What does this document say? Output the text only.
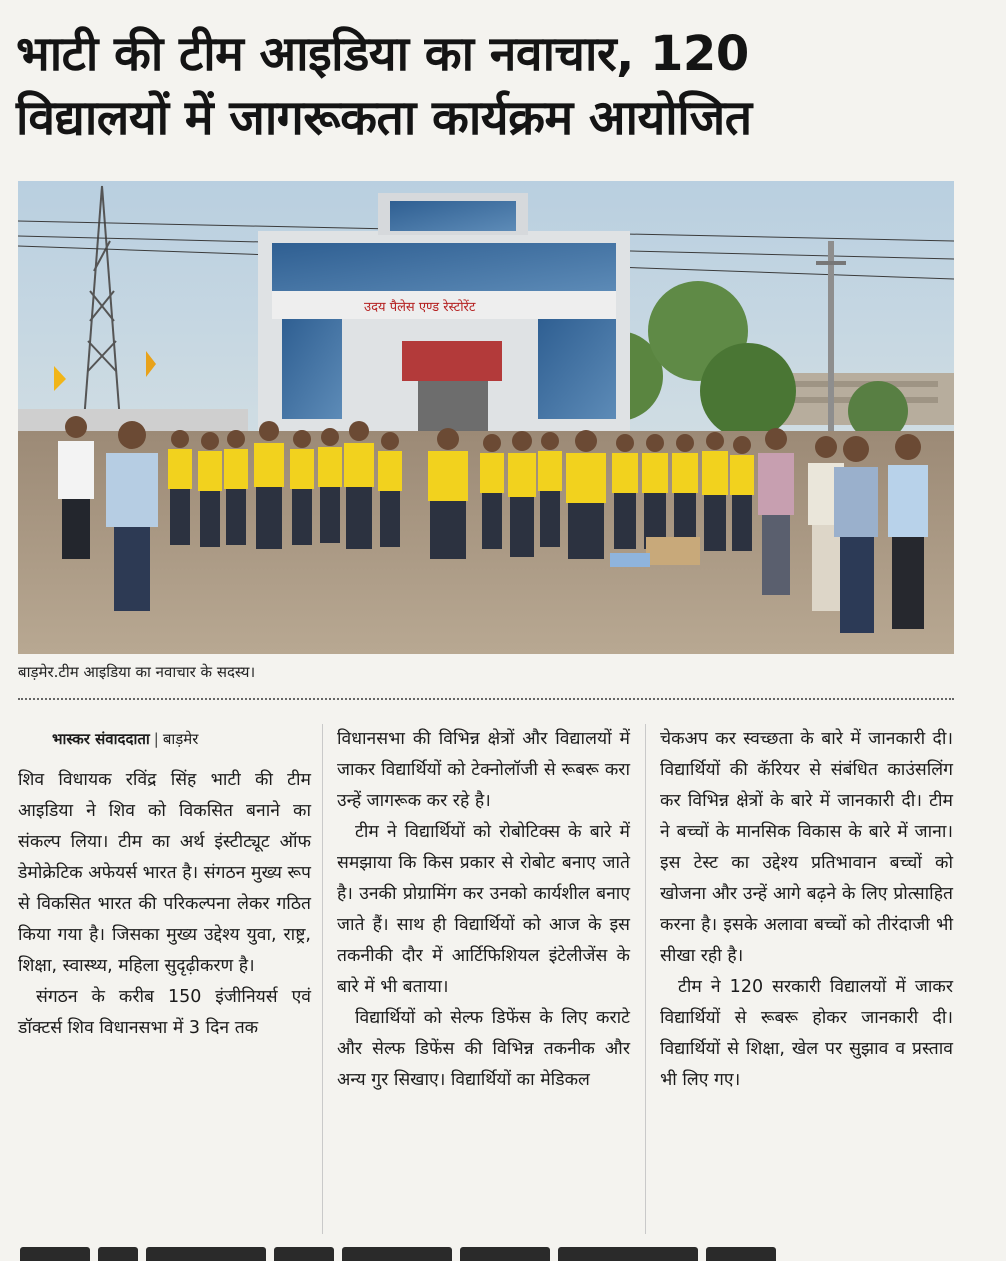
भाटी की टीम आइडिया का नवाचार, 120
विद्यालयों में जागरूकता कार्यक्रम आयोजित
उदय पैलेस एण्ड रेस्टोरेंट
बाड़मेर.टीम आइडिया का नवाचार के सदस्य।
भास्कर संवाददाता | बाड़मेर

शिव विधायक रविंद्र सिंह भाटी की टीम आइडिया ने शिव को विकसित बनाने का संकल्प लिया। टीम का अर्थ इंस्टीट्यूट ऑफ डेमोक्रेटिक अफेयर्स भारत है। संगठन मुख्य रूप से विकसित भारत की परिकल्पना लेकर गठित किया गया है। जिसका मुख्य उद्देश्य युवा, राष्ट्र, शिक्षा, स्वास्थ्य, महिला सुदृढ़ीकरण है।

संगठन के करीब 150 इंजीनियर्स एवं डॉक्टर्स शिव विधानसभा में 3 दिन तक

विधानसभा की विभिन्न क्षेत्रों और विद्यालयों में जाकर विद्यार्थियों को टेक्नोलॉजी से रूबरू करा उन्हें जागरूक कर रहे है।

टीम ने विद्यार्थियों को रोबोटिक्स के बारे में समझाया कि किस प्रकार से रोबोट बनाए जाते है। उनकी प्रोग्रामिंग कर उनको कार्यशील बनाए जाते हैं। साथ ही विद्यार्थियों को आज के इस तकनीकी दौर में आर्टिफिशियल इंटेलीजेंस के बारे में भी बताया।

विद्यार्थियों को सेल्फ डिफेंस के लिए कराटे और सेल्फ डिफेंस की विभिन्न तकनीक और अन्य गुर सिखाए। विद्यार्थियों का मेडिकल

चेकअप कर स्वच्छता के बारे में जानकारी दी। विद्यार्थियों की कॅरियर से संबंधित काउंसलिंग कर विभिन्न क्षेत्रों के बारे में जानकारी दी। टीम ने बच्चों के मानसिक विकास के बारे में जाना। इस टेस्ट का उद्देश्य प्रतिभावान बच्चों को खोजना और उन्हें आगे बढ़ने के लिए प्रोत्साहित करना है। इसके अलावा बच्चों को तीरंदाजी भी सीखा रही है।

टीम ने 120 सरकारी विद्यालयों में जाकर विद्यार्थियों से रूबरू होकर जानकारी दी। विद्यार्थियों से शिक्षा, खेल पर सुझाव व प्रस्ताव भी लिए गए।
